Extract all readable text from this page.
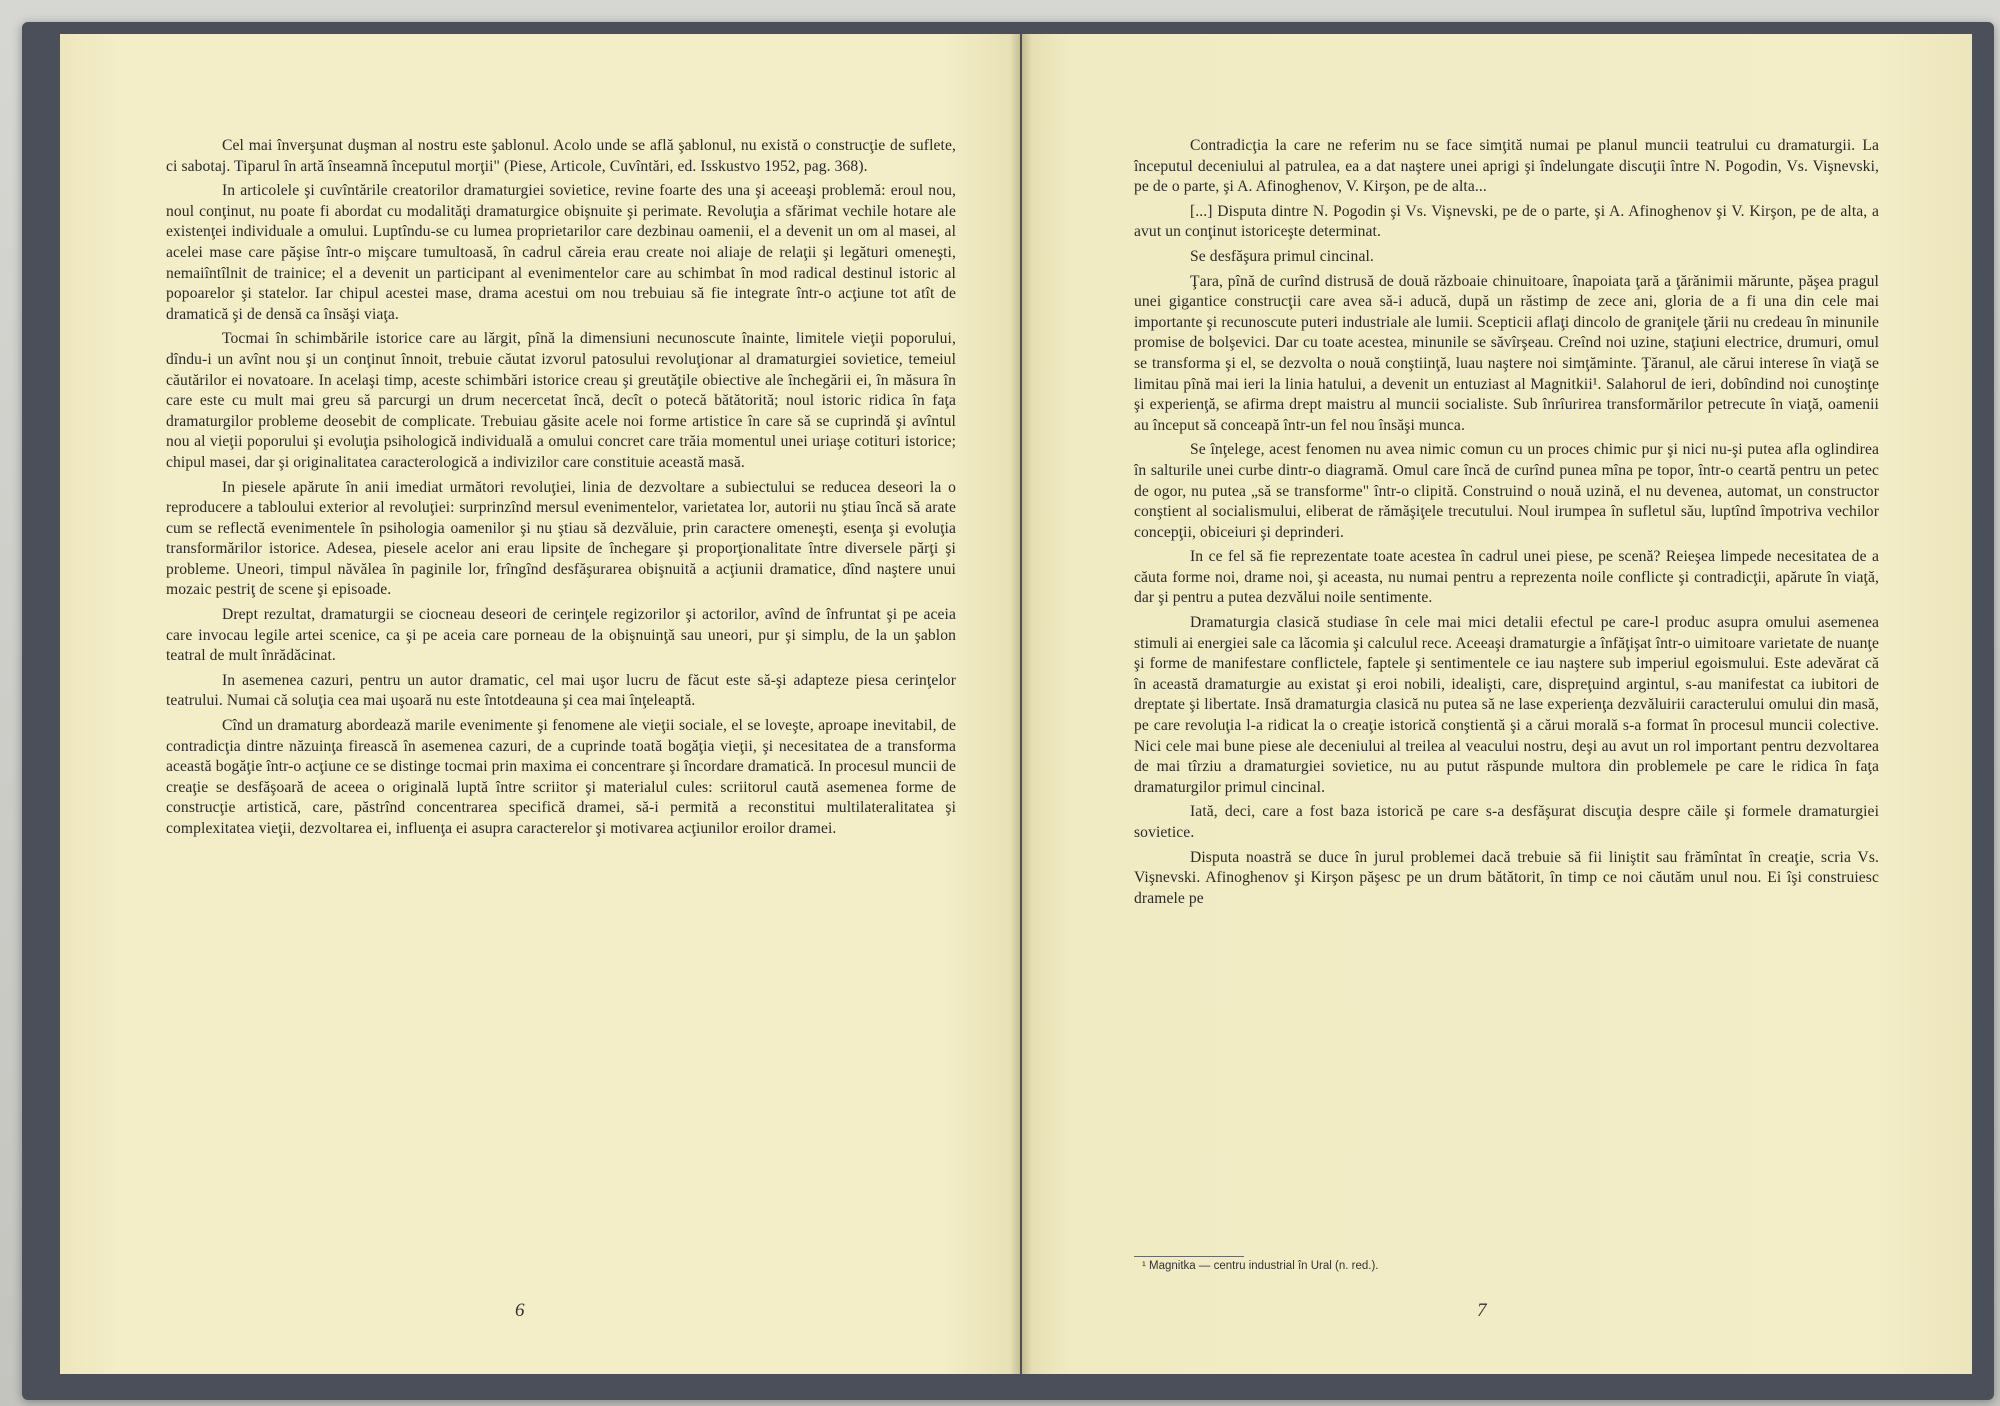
Cel mai înverşunat duşman al nostru este şablonul. Acolo unde se află şablonul, nu există o construcţie de suflete, ci sabotaj. Tiparul în artă înseamnă începutul morţii" (Piese, Articole, Cuvîntări, ed. Isskustvo 1952, pag. 368).

In articolele şi cuvîntările creatorilor dramaturgiei sovietice, revine foarte des una şi aceeaşi problemă: eroul nou, noul conţinut, nu poate fi abordat cu modalităţi dramaturgice obişnuite şi perimate. Revoluţia a sfărimat vechile hotare ale existenţei individuale a omului. Luptîndu-se cu lumea proprietarilor care dezbinau oamenii, el a devenit un om al masei, al acelei mase care păşise într-o mişcare tumultoasă, în cadrul căreia erau create noi aliaje de relaţii şi legături omeneşti, nemaiîntîlnit de trainice; el a devenit un participant al evenimentelor care au schimbat în mod radical destinul istoric al popoarelor şi statelor. Iar chipul acestei mase, drama acestui om nou trebuiau să fie integrate într-o acţiune tot atît de dramatică şi de densă ca însăşi viaţa.

Tocmai în schimbările istorice care au lărgit, pînă la dimensiuni necunoscute înainte, limitele vieţii poporului, dîndu-i un avînt nou şi un conţinut înnoit, trebuie căutat izvorul patosului revoluţionar al dramaturgiei sovietice, temeiul căutărilor ei novatoare. In acelaşi timp, aceste schimbări istorice creau şi greutăţile obiective ale închegării ei, în măsura în care este cu mult mai greu să parcurgi un drum necercetat încă, decît o potecă bătătorită; noul istoric ridica în faţa dramaturgilor probleme deosebit de complicate. Trebuiau găsite acele noi forme artistice în care să se cuprindă şi avîntul nou al vieţii poporului şi evoluţia psihologică individuală a omului concret care trăia momentul unei uriaşe cotituri istorice; chipul masei, dar şi originalitatea caracterologică a indivizilor care constituie această masă.

In piesele apărute în anii imediat următori revoluţiei, linia de dezvoltare a subiectului se reducea deseori la o reproducere a tabloului exterior al revoluţiei: surprinzînd mersul evenimentelor, varietatea lor, autorii nu ştiau încă să arate cum se reflectă evenimentele în psihologia oamenilor şi nu ştiau să dezvăluie, prin caractere omeneşti, esenţa şi evoluţia transformărilor istorice. Adesea, piesele acelor ani erau lipsite de închegare şi proporţionalitate între diversele părţi şi probleme. Uneori, timpul năvălea în paginile lor, frîngînd desfăşurarea obişnuită a acţiunii dramatice, dînd naştere unui mozaic pestriţ de scene şi episoade.

Drept rezultat, dramaturgii se ciocneau deseori de cerinţele regizorilor şi actorilor, avînd de înfruntat şi pe aceia care invocau legile artei scenice, ca şi pe aceia care porneau de la obişnuinţă sau uneori, pur şi simplu, de la un şablon teatral de mult înrădăcinat.

In asemenea cazuri, pentru un autor dramatic, cel mai uşor lucru de făcut este să-şi adapteze piesa cerinţelor teatrului. Numai că soluţia cea mai uşoară nu este întotdeauna şi cea mai înţeleaptă.

Cînd un dramaturg abordează marile evenimente şi fenomene ale vieţii sociale, el se loveşte, aproape inevitabil, de contradicţia dintre năzuinţa firească în asemenea cazuri, de a cuprinde toată bogăţia vieţii, şi necesitatea de a transforma această bogăţie într-o acţiune ce se distinge tocmai prin maxima ei concentrare şi încordare dramatică. In procesul muncii de creaţie se desfăşoară de aceea o originală luptă între scriitor şi materialul cules: scriitorul caută asemenea forme de construcţie artistică, care, păstrînd concentrarea specifică dramei, să-i permită a reconstitui multilateralitatea şi complexitatea vieţii, dezvoltarea ei, influenţa ei asupra caracterelor şi motivarea acţiunilor eroilor dramei.

6

Contradicţia la care ne referim nu se face simţită numai pe planul muncii teatrului cu dramaturgii. La începutul deceniului al patrulea, ea a dat naştere unei aprigi şi îndelungate discuţii între N. Pogodin, Vs. Vişnevski, pe de o parte, şi A. Afinoghenov, V. Kirşon, pe de alta...

[...] Disputa dintre N. Pogodin şi Vs. Vişnevski, pe de o parte, şi A. Afinoghenov şi V. Kirşon, pe de alta, a avut un conţinut istoriceşte determinat.

Se desfăşura primul cincinal.

Ţara, pînă de curînd distrusă de două războaie chinuitoare, înapoiata ţară a ţărănimii mărunte, păşea pragul unei gigantice construcţii care avea să-i aducă, după un răstimp de zece ani, gloria de a fi una din cele mai importante şi recunoscute puteri industriale ale lumii. Scepticii aflaţi dincolo de graniţele ţării nu credeau în minunile promise de bolşevici. Dar cu toate acestea, minunile se săvîrşeau. Creînd noi uzine, staţiuni electrice, drumuri, omul se transforma şi el, se dezvolta o nouă conştiinţă, luau naştere noi simţăminte. Ţăranul, ale cărui interese în viaţă se limitau pînă mai ieri la linia hatului, a devenit un entuziast al Magnitkii¹. Salahorul de ieri, dobîndind noi cunoştinţe şi experienţă, se afirma drept maistru al muncii socialiste. Sub înrîurirea transformărilor petrecute în viaţă, oamenii au început să conceapă într-un fel nou însăşi munca.

Se înţelege, acest fenomen nu avea nimic comun cu un proces chimic pur şi nici nu-şi putea afla oglindirea în salturile unei curbe dintr-o diagramă. Omul care încă de curînd punea mîna pe topor, într-o ceartă pentru un petec de ogor, nu putea „să se transforme" într-o clipită. Construind o nouă uzină, el nu devenea, automat, un constructor conştient al socialismului, eliberat de rămăşiţele trecutului. Noul irumpea în sufletul său, luptînd împotriva vechilor concepţii, obiceiuri şi deprinderi.

In ce fel să fie reprezentate toate acestea în cadrul unei piese, pe scenă? Reieşea limpede necesitatea de a căuta forme noi, drame noi, şi aceasta, nu numai pentru a reprezenta noile conflicte şi contradicţii, apărute în viaţă, dar şi pentru a putea dezvălui noile sentimente.

Dramaturgia clasică studiase în cele mai mici detalii efectul pe care-l produc asupra omului asemenea stimuli ai energiei sale ca lăcomia şi calculul rece. Aceeaşi dramaturgie a înfăţişat într-o uimitoare varietate de nuanţe şi forme de manifestare conflictele, faptele şi sentimentele ce iau naştere sub imperiul egoismului. Este adevărat că în această dramaturgie au existat şi eroi nobili, idealişti, care, dispreţuind argintul, s-au manifestat ca iubitori de dreptate şi libertate. Insă dramaturgia clasică nu putea să ne lase experienţa dezvăluirii caracterului omului din masă, pe care revoluţia l-a ridicat la o creaţie istorică conştientă şi a cărui morală s-a format în procesul muncii colective. Nici cele mai bune piese ale deceniului al treilea al veacului nostru, deşi au avut un rol important pentru dezvoltarea de mai tîrziu a dramaturgiei sovietice, nu au putut răspunde multora din problemele pe care le ridica în faţa dramaturgilor primul cincinal.

Iată, deci, care a fost baza istorică pe care s-a desfăşurat discuţia despre căile şi formele dramaturgiei sovietice.

Disputa noastră se duce în jurul problemei dacă trebuie să fii liniştit sau frămîntat în creaţie, scria Vs. Vişnevski. Afinoghenov şi Kirşon păşesc pe un drum bătătorit, în timp ce noi căutăm unul nou. Ei îşi construiesc dramele pe

¹ Magnitka — centru industrial în Ural (n. red.).
7
